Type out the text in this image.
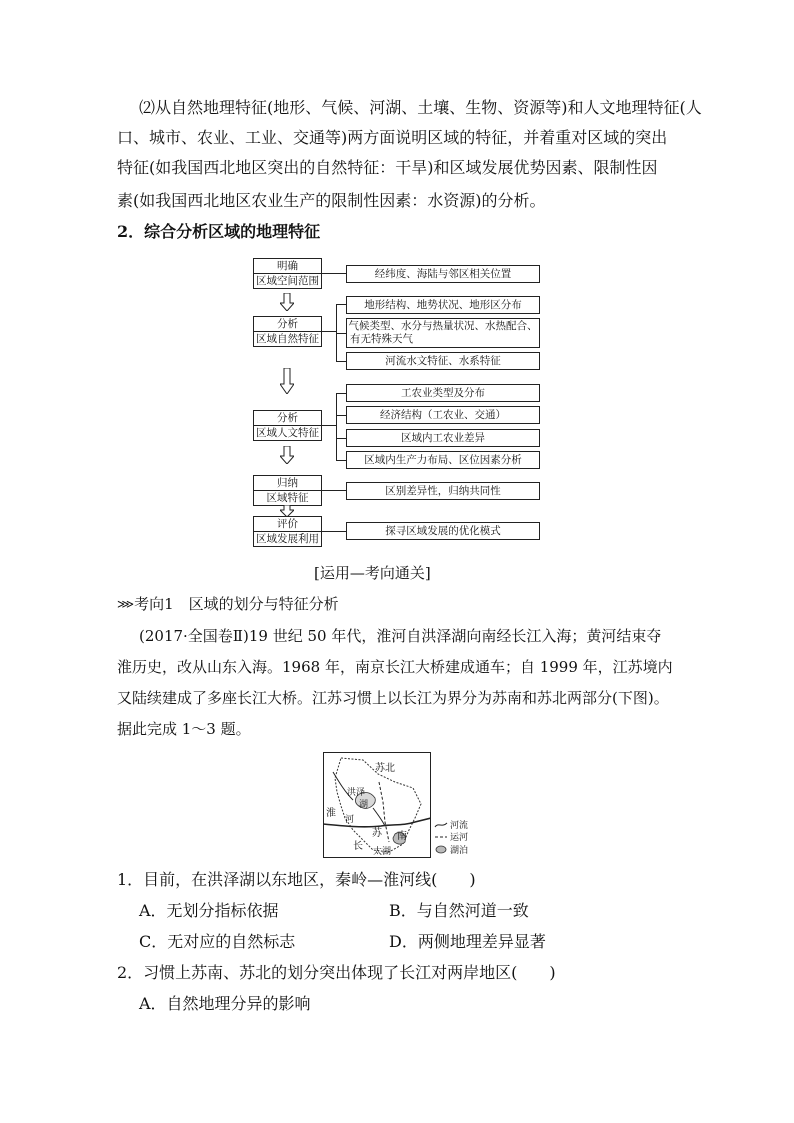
⑵从自然地理特征(地形、气候、河湖、土壤、生物、资源等)和人文地理特征(人
口、城市、农业、工业、交通等)两方面说明区域的特征，并着重对区域的突出
特征(如我国西北地区突出的自然特征：干旱)和区域发展优势因素、限制性因
素(如我国西北地区农业生产的限制性因素：水资源)的分析。
2．综合分析区域的地理特征
明确
区域空间范围
经纬度、海陆与邻区相关位置
分析
区域自然特征
地形结构、地势状况、地形区分布
气候类型、水分与热量状况、水热配合、
有无特殊天气
河流水文特征、水系特征
分析
区域人文特征
工农业类型及分布
经济结构（工农业、交通）
区域内工农业差异
区域内生产力布局、区位因素分析
归纳
区域特征
区别差异性，归纳共同性
评价
区域发展利用
探寻区域发展的优化模式
[运用—考向通关]
⋙考向1　区域的划分与特征分析
(2017·全国卷Ⅱ)19 世纪 50 年代，淮河自洪泽湖向南经长江入海；黄河结束夺
淮历史，改从山东入海。1968 年，南京长江大桥建成通车；自 1999 年，江苏境内
又陆续建成了多座长江大桥。江苏习惯上以长江为界分为苏南和苏北两部分(下图)。
据此完成 1～3 题。
苏北
洪泽
湖
淮
河
苏 南
长 太湖
河流
运河
湖泊
1．目前，在洪泽湖以东地区，秦岭—淮河线(　　)
A．无划分指标依据	B．与自然河道一致
C．无对应的自然标志	D．两侧地理差异显著
2．习惯上苏南、苏北的划分突出体现了长江对两岸地区(　　)
A．自然地理分异的影响
